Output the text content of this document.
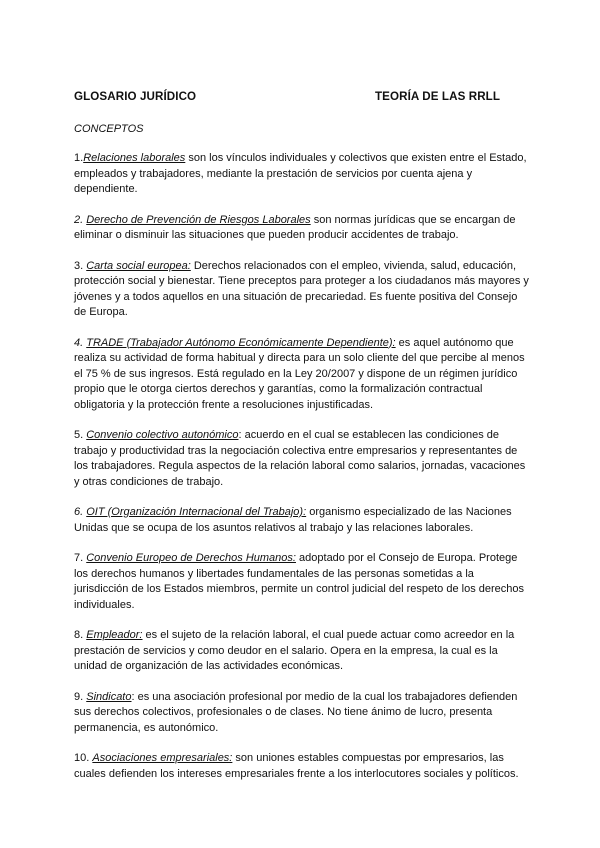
GLOSARIO JURÍDICO	TEORÍA DE LAS RRLL
CONCEPTOS

1.Relaciones laborales son los vínculos individuales y colectivos que existen entre el Estado, empleados y trabajadores, mediante la prestación de servicios por cuenta ajena y dependiente.

2. Derecho de Prevención de Riesgos Laborales son normas jurídicas que se encargan de eliminar o disminuir las situaciones que pueden producir accidentes de trabajo.

3. Carta social europea: Derechos relacionados con el empleo, vivienda, salud, educación, protección social y bienestar. Tiene preceptos para proteger a los ciudadanos más mayores y jóvenes y a todos aquellos en una situación de precariedad. Es fuente positiva del Consejo de Europa.

4. TRADE (Trabajador Autónomo Económicamente Dependiente): es aquel autónomo que realiza su actividad de forma habitual y directa para un solo cliente del que percibe al menos el 75 % de sus ingresos. Está regulado en la Ley 20/2007 y dispone de un régimen jurídico propio que le otorga ciertos derechos y garantías, como la formalización contractual obligatoria y la protección frente a resoluciones injustificadas.

5. Convenio colectivo autonómico: acuerdo en el cual se establecen las condiciones de trabajo y productividad tras la negociación colectiva entre empresarios y representantes de los trabajadores. Regula aspectos de la relación laboral como salarios, jornadas, vacaciones y otras condiciones de trabajo.

6. OIT (Organización Internacional del Trabajo): organismo especializado de las Naciones Unidas que se ocupa de los asuntos relativos al trabajo y las relaciones laborales.

7. Convenio Europeo de Derechos Humanos: adoptado por el Consejo de Europa. Protege los derechos humanos y libertades fundamentales de las personas sometidas a la jurisdicción de los Estados miembros, permite un control judicial del respeto de los derechos individuales.

8. Empleador: es el sujeto de la relación laboral, el cual puede actuar como acreedor en la prestación de servicios y como deudor en el salario. Opera en la empresa, la cual es la unidad de organización de las actividades económicas.

9. Sindicato: es una asociación profesional por medio de la cual los trabajadores defienden sus derechos colectivos, profesionales o de clases. No tiene ánimo de lucro, presenta permanencia, es autonómico.

10. Asociaciones empresariales: son uniones estables compuestas por empresarios, las cuales defienden los intereses empresariales frente a los interlocutores sociales y políticos.
